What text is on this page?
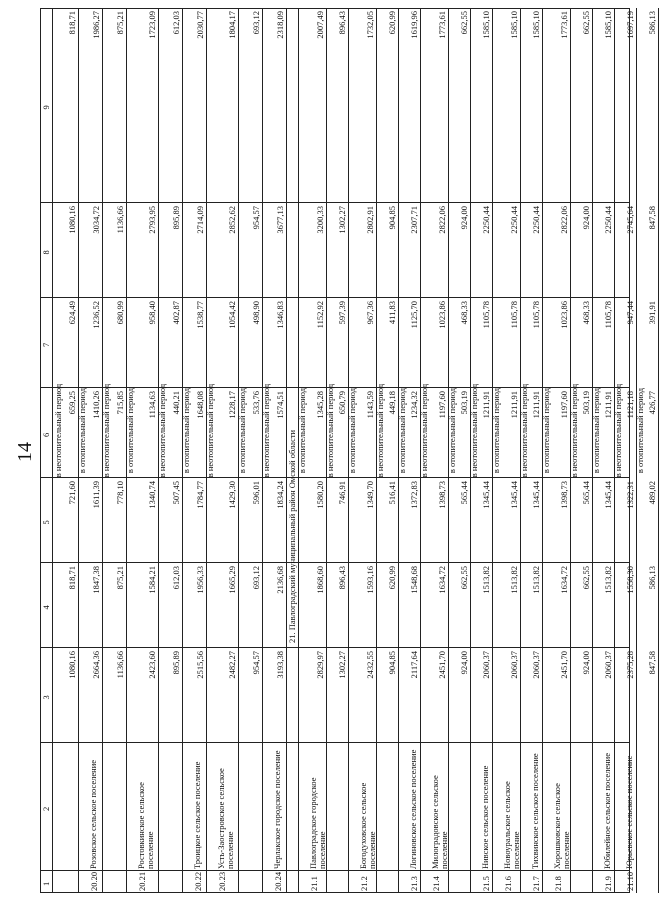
14
1
2
3
4
5
6
7
8
9
в неотопительный период
1080,16
818,71
721,60
659,25
624,49
1080,16
818,71
в отопительный период
20.20
Розовское сельское поселение
2664,36
1847,38
1611,39
1410,26
1236,52
3034,72
1986,27
в неотопительный период
1136,66
875,21
778,10
715,85
680,99
1136,66
875,21
в отопительный период
20.21
Ростовкинское сельское поселение
2423,60
1584,21
1340,74
1134,63
958,40
2793,95
1723,09
в неотопительный период
895,89
612,03
507,45
440,21
402,87
895,89
612,03
в отопительный период
20.22
Троицкое сельское поселение
2515,56
1956,33
1784,77
1648,08
1538,77
2714,09
2030,77
в неотопительный период
20.23
Усть-Заостровское сельское поселение
2482,27
1665,29
1429,30
1228,17
1054,42
2852,62
1804,17
в отопительный период
954,57
693,12
596,01
533,76
498,90
954,57
693,12
в неотопительный период
20.24
Черлакское городское поселение
3193,38
2136,68
1834,24
1574,51
1346,83
3677,13
2318,09
21. Павлоградский муниципальный район Омской области в отопительный период
21.1
Павлоградское городское поселение
2829,97
1868,60
1580,20
1345,28
1152,92
3200,33
2007,49
в неотопительный период
1302,27
896,43
746,91
650,79
597,39
1302,27
896,43
в отопительный период
21.2
Богодуховское сельское поселение
2432,55
1593,16
1349,70
1143,59
967,36
2802,91
1732,05
в неотопительный период
904,85
620,99
516,41
449,18
411,83
904,85
620,99
в отопительный период
21.3
Логиновское сельское поселение
2117,64
1548,68
1372,83
1234,32
1125,70
2307,71
1619,96
в неотопительный период
21.4
Милоградовское сельское поселение
2451,70
1634,72
1398,73
1197,60
1023,86
2822,06
1773,61
в отопительный период
924,00
662,55
565,44
503,19
468,33
924,00
662,55
в неотопительный период
21.5
Нивское сельское поселение
2060,37
1513,82
1345,44
1211,91
1105,78
2250,44
1585,10
в отопительный период
21.6
Новоуральское сельское поселение
2060,37
1513,82
1345,44
1211,91
1105,78
2250,44
1585,10
в неотопительный период
21.7
Тихвинское сельское поселение
2060,37
1513,82
1345,44
1211,91
1105,78
2250,44
1585,10
в отопительный период
21.8
Хорошковское сельское поселение
2451,70
1634,72
1398,73
1197,60
1023,86
2822,06
1773,61
в неотопительный период
924,00
662,55
565,44
503,19
468,33
924,00
662,55
в отопительный период
21.9
Юбилейное сельское поселение
2060,37
1513,82
1345,44
1211,91
1105,78
2250,44
1585,10
в неотопительный период
21.10
Юрьевское сельское поселение
2375,28
1558,30
1322,31
1121,18
947,44
2745,64
1697,19
в отопительный период
847,58
586,13
489,02
426,77
391,91
847,58
586,13
